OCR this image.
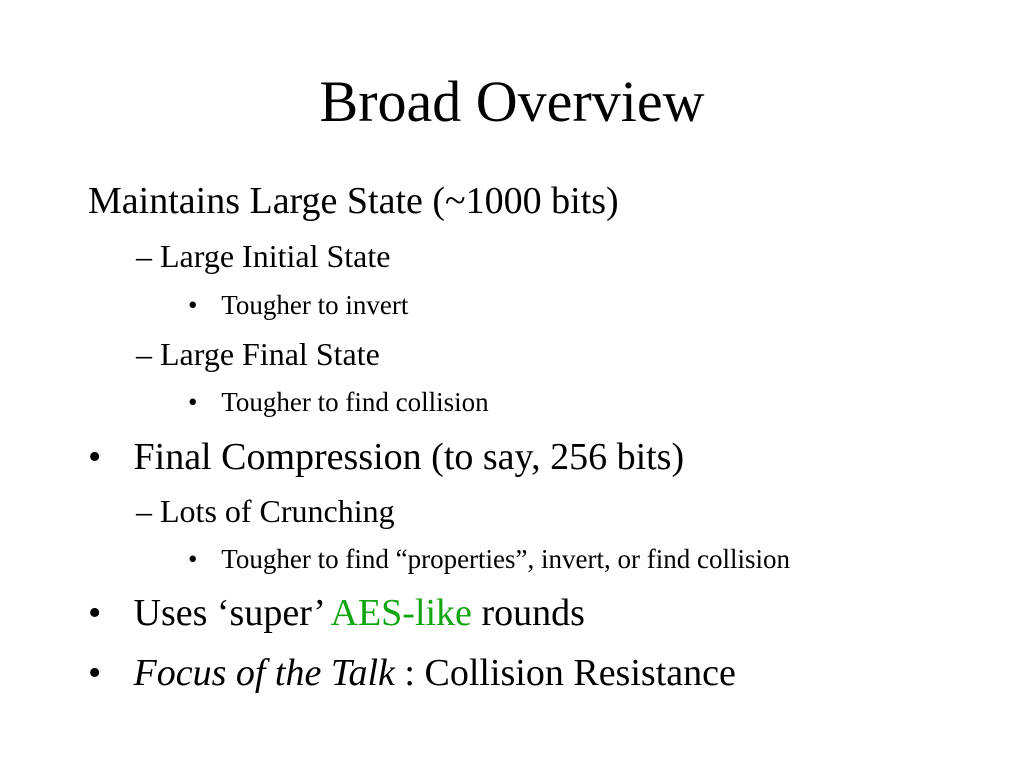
Broad Overview
Maintains Large State (~1000 bits)
– Large Initial State
• Tougher to invert
– Large Final State
• Tougher to find collision
• Final Compression (to say, 256 bits)
– Lots of Crunching
• Tougher to find “properties”, invert, or find collision
• Uses ‘super’ AES-like rounds
• Focus of the Talk : Collision Resistance
